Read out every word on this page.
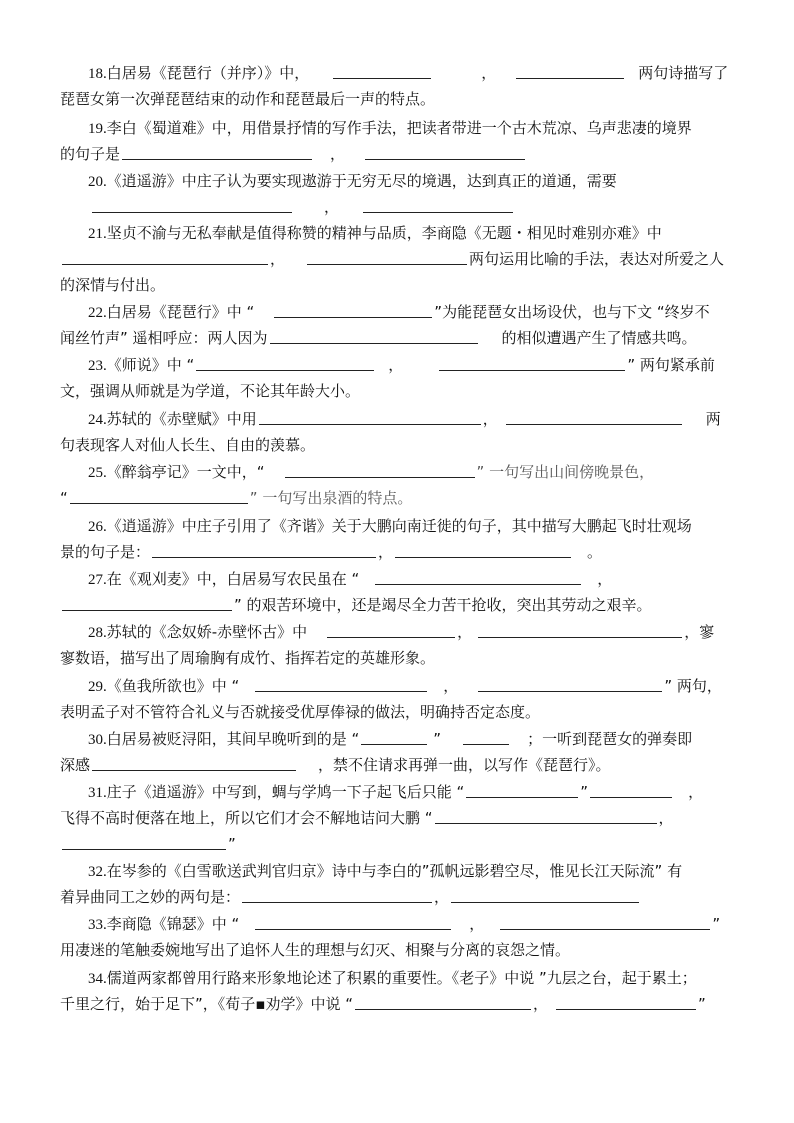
18.白居易《琵琶行（并序）》中，	，	两句诗描写了
琵琶女第一次弹琵琶结束的动作和琵琶最后一声的特点。
19.李白《蜀道难》中，用借景抒情的写作手法，把读者带进一个古木荒凉、乌声悲凄的境界
的句子是	，
20.《逍遥游》中庄子认为要实现遨游于无穷无尽的境遇，达到真正的道通，需要
，
21.坚贞不渝与无私奉献是值得称赞的精神与品质，李商隐《无题・相见时难别亦难》中
，	两句运用比喻的手法，表达对所爱之人
的深情与付出。
22.白居易《琵琶行》中 “	”为能琵琶女出场设伏，也与下文 “终岁不
闻丝竹声” 遥相呼应：两人因为	的相似遭遇产生了情感共鸣。
23.《师说》中 “	，	” 两句紧承前
文，强调从师就是为学道，不论其年龄大小。
24.苏轼的《赤壁赋》中用	，	两
句表现客人对仙人长生、自由的羡慕。
25.《醉翁亭记》一文中，“	” 一句写出山间傍晚景色，
“	” 一句写出泉酒的特点。
26.《逍遥游》中庄子引用了《齐谐》关于大鹏向南迁徙的句子，其中描写大鹏起飞时壮观场
景的句子是：	，	。
27.在《观刈麦》中，白居易写农民虽在 “	，
” 的艰苦环境中，还是竭尽全力苦干抢收，突出其劳动之艰辛。
28.苏轼的《念奴娇-赤壁怀古》中	，	，寥
寥数语，描写出了周瑜胸有成竹、指挥若定的英雄形象。
29.《鱼我所欲也》中 “	，	” 两句，
表明孟子对不管符合礼义与否就接受优厚俸禄的做法，明确持否定态度。
30.白居易被贬浔阳，其间早晚听到的是 “	”	；一听到琵琶女的弹奏即
深感	，禁不住请求再弹一曲，以写作《琵琶行》。
31.庄子《逍遥游》中写到，蜩与学鸠一下子起飞后只能 “	”	，
飞得不高时便落在地上，所以它们才会不解地诘问大鹏 “	，
”
32.在岑参的《白雪歌送武判官归京》诗中与李白的”孤帆远影碧空尽，惟见长江天际流” 有
着异曲同工之妙的两句是：	，
33.李商隐《锦瑟》中 “	，	”
用凄迷的笔触委婉地写出了追怀人生的理想与幻灭、相聚与分离的哀怨之情。
34.儒道两家都曾用行路来形象地论述了积累的重要性。《老子》中说 ”九层之台，起于累土；
千里之行，始于足下”，《荀子▪劝学》中说 “	，	”
